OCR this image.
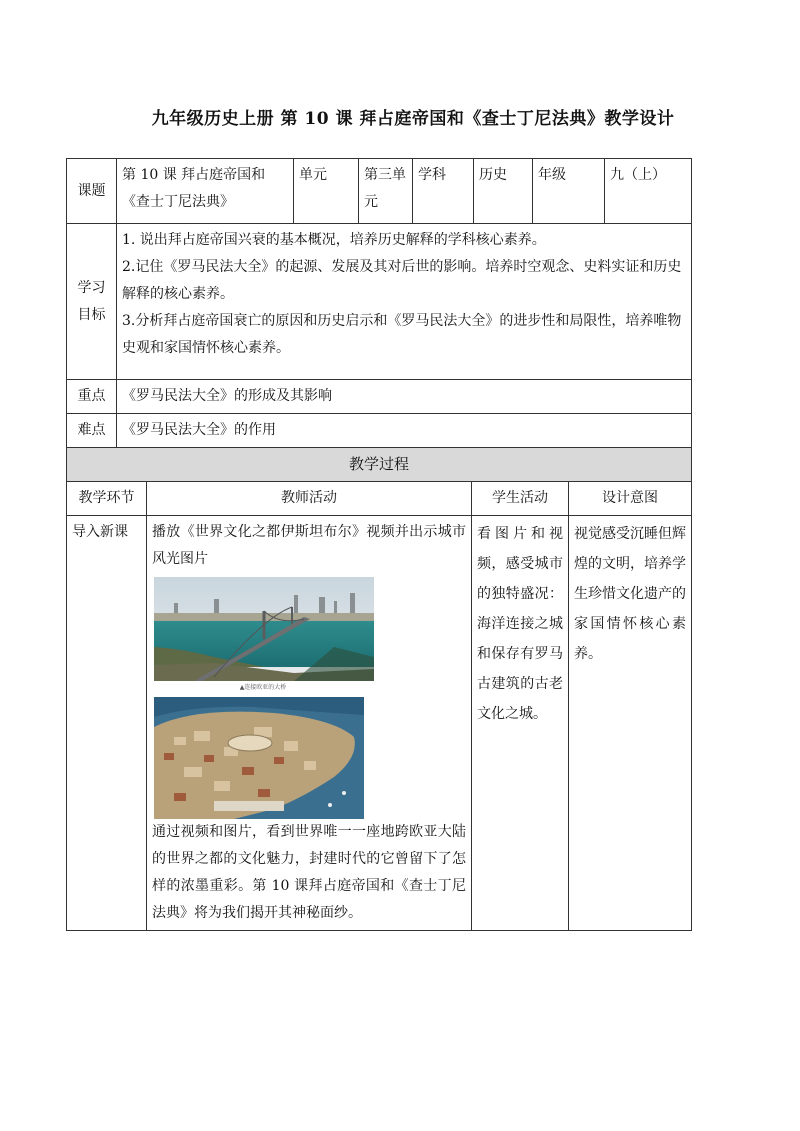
九年级历史上册 第 10 课 拜占庭帝国和《查士丁尼法典》教学设计
课题	第 10 课 拜占庭帝国和《查士丁尼法典》	单元	第三单元	学科	历史	年级	九（上）
学习目标	1. 说出拜占庭帝国兴衰的基本概况，培养历史解释的学科核心素养。

2.记住《罗马民法大全》的起源、发展及其对后世的影响。培养时空观念、史料实证和历史解释的核心素养。

3.分析拜占庭帝国衰亡的原因和历史启示和《罗马民法大全》的进步性和局限性，培养唯物史观和家国情怀核心素养。						

重点	《罗马民法大全》的形成及其影响						
难点	《罗马民法大全》的作用						
教学过程			
教学环节	教师活动	学生活动	设计意图
导入新课	播放《世界文化之都伊斯坦布尔》视频并出示城市风光图片
▲连接欧亚的大桥
通过视频和图片，看到世界唯一一座地跨欧亚大陆的世界之都的文化魅力，封建时代的它曾留下了怎样的浓墨重彩。第 10 课拜占庭帝国和《查士丁尼法典》将为我们揭开其神秘面纱。	看图片和视频，感受城市的独特盛况：海洋连接之城和保存有罗马古建筑的古老文化之城。	视觉感受沉睡但辉煌的文明，培养学生珍惜文化遗产的家国情怀核心素养。
